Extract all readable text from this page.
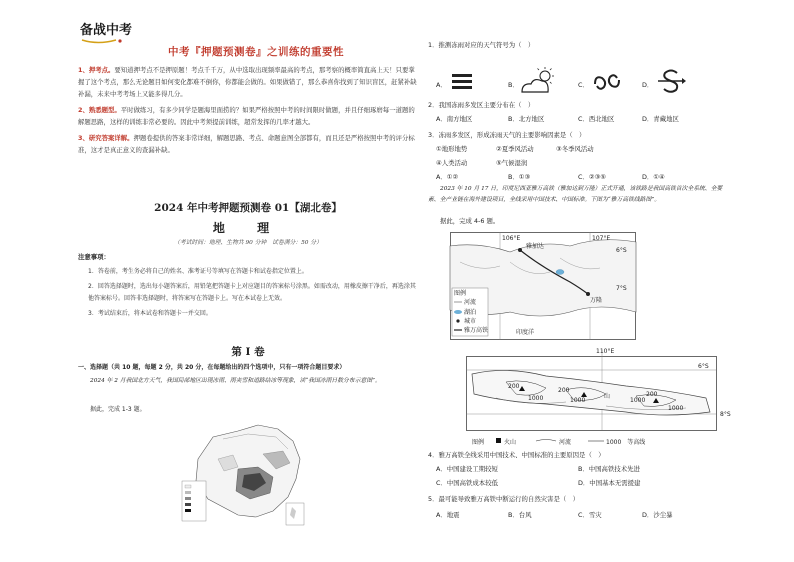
备战中考
中考『押题预测卷』之训练的重要性

1、押考点。要知道押考点不是押原题！考点千千万，从中选取出现频率最高的考点，那考察的概率简直高上天！只要掌握了这个考点，那么无论题目如何变化都难不倒你，你都能会做的。如果做错了，那么恭喜你找到了知识盲区，赶紧补缺补漏，未来中考考场上又能多得几分。

2、熟悉题型。平时做练习，有多少同学是题海里面捞的？如果严格按照中考的时间限时做题，并且仔细琢磨每一道题的解题思路，这样的训练非常必要的。因此中考须提前训练，超常发挥的几率才越大。

3、研究答案详解。押题卷提供的答案非常详细，解题思路、考点、命题意图全部都有，而且还是严格按照中考的评分标准，这才是真正意义的查漏补缺。

2024 年中考押题预测卷 01【湖北卷】
地 理
（考试时间：地理、生物共 90 分钟　试卷满分：50 分）
注意事项：

1．答卷前，考生务必将自己的姓名、准考证号等填写在答题卡和试卷指定位置上。

2．回答选择题时，选出每小题答案后，用铅笔把答题卡上对应题目的答案标号涂黑。如需改动，用橡皮擦干净后，再选涂其他答案标号。回答非选择题时，将答案写在答题卡上。写在本试卷上无效。

3．考试结束后，将本试卷和答题卡一并交回。

第 I 卷
一、选择题（共 10 题，每题 2 分，共 20 分，在每题给出的四个选项中，只有一项符合题目要求）
2024 年 2 月我国北方天气，我国局部地区出现冻雨、雨夹雪和道路结冰等现象，读“我国冻雨日数分布示意图”。
据此，完成 1-3 题。
1．推测冻雨对应的天气符号为（　）
A．	B．	C．	D．
2．我国冻雨多发区主要分布在（　）
A．南方地区	B．北方地区	C．西北地区	D．青藏地区
3．冻雨多发区，形成冻雨天气的主要影响因素是（　）
①地形地势	②夏季风活动	③冬季风活动
④人类活动	⑤气候湿润
A．①②	B．①③	C．②③⑤	D．①④
2023 年 10 月 17 日，印度尼西亚雅万高铁（雅加达到万隆）正式开通，该铁路是我国高铁首次全系统、全要素、全产业链在海外建设项目，全线采用中国技术、中国标准。下图为“雅万高铁线路图”。
据此，完成 4-6 题。
106°E	107°E
6°S
7°S
雅加达
万隆
图例
河流
湖泊
城市
雅万高铁	印度洋
110°E
6°S
8°S
200
1000
200
1000	1000
200
1000
山
图例	火山	河流	1000　等高线
4．雅万高铁全线采用中国技术、中国标准的主要原因是（　）
A．中国建设工期较短	B．中国高铁技术先进
C．中国高铁成本较低	D．中国基本无需援建
5．最可能导致雅万高铁中断运行的自然灾害是（　）
A．地震	B．台风	C．雪灾	D．沙尘暴
